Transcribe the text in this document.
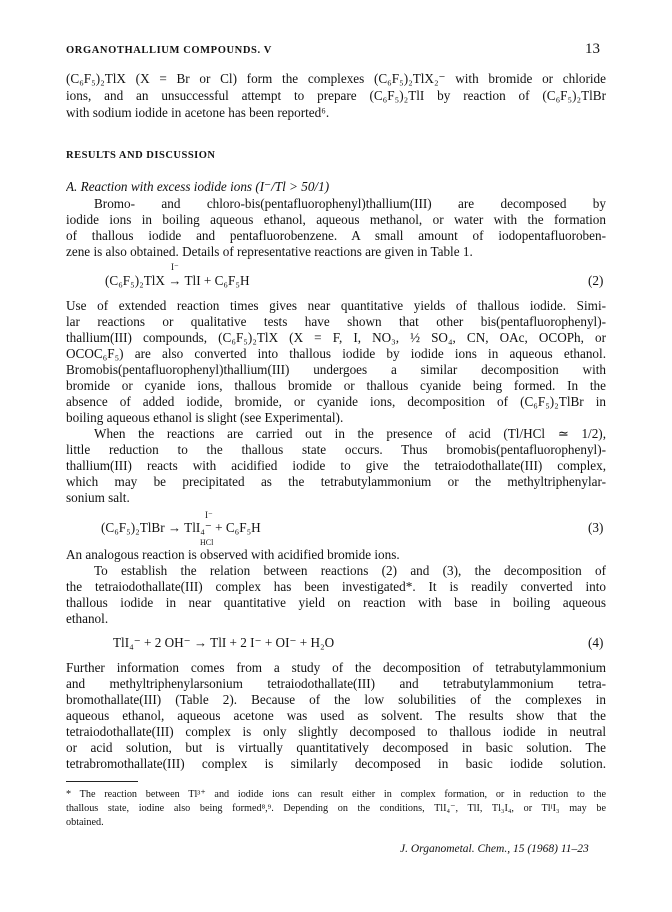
ORGANOTHALLIUM COMPOUNDS. V	13
(C₆F₅)₂TlX (X = Br or Cl) form the complexes (C₆F₅)₂TlX₂⁻ with bromide or chloride
ions, and an unsuccessful attempt to prepare (C₆F₅)₂TlI by reaction of (C₆F₅)₂TlBr
with sodium iodide in acetone has been reported⁶.
RESULTS AND DISCUSSION
A. Reaction with excess iodide ions (I⁻/Tl > 50/1)
Bromo- and chloro-bis(pentafluorophenyl)thallium(III) are decomposed by
iodide ions in boiling aqueous ethanol, aqueous methanol, or water with the formation
of thallous iodide and pentafluorobenzene. A small amount of iodopentafluoroben-
zene is also obtained. Details of representative reactions are given in Table 1.
I⁻
(C₆F₅)₂TlX → TlI + C₆F₅H	(2)
Use of extended reaction times gives near quantitative yields of thallous iodide. Simi-
lar reactions or qualitative tests have shown that other bis(pentafluorophenyl)-
thallium(III) compounds, (C₆F₅)₂TlX (X = F, I, NO₃, ½ SO₄, CN, OAc, OCOPh, or
OCOC₆F₅) are also converted into thallous iodide by iodide ions in aqueous ethanol.
Bromobis(pentafluorophenyl)thallium(III) undergoes a similar decomposition with
bromide or cyanide ions, thallous bromide or thallous cyanide being formed. In the
absence of added iodide, bromide, or cyanide ions, decomposition of (C₆F₅)₂TlBr in
boiling aqueous ethanol is slight (see Experimental).
When the reactions are carried out in the presence of acid (Tl/HCl ≃ 1/2),
little reduction to the thallous state occurs. Thus bromobis(pentafluorophenyl)-
thallium(III) reacts with acidified iodide to give the tetraiodothallate(III) complex,
which may be precipitated as the tetrabutylammonium or the methyltriphenylar-
sonium salt.
I⁻
(C₆F₅)₂TlBr → TlI₄⁻ + C₆F₅H
HCl
(3)
An analogous reaction is observed with acidified bromide ions.
To establish the relation between reactions (2) and (3), the decomposition of
the tetraiodothallate(III) complex has been investigated*. It is readily converted into
thallous iodide in near quantitative yield on reaction with base in boiling aqueous
ethanol.
TlI₄⁻ + 2 OH⁻ → TlI + 2 I⁻ + OI⁻ + H₂O	(4)
Further information comes from a study of the decomposition of tetrabutylammonium
and methyltriphenylarsonium tetraiodothallate(III) and tetrabutylammonium tetra-
bromothallate(III) (Table 2). Because of the low solubilities of the complexes in
aqueous ethanol, aqueous acetone was used as solvent. The results show that the
tetraiodothallate(III) complex is only slightly decomposed to thallous iodide in neutral
or acid solution, but is virtually quantitatively decomposed in basic solution. The
tetrabromothallate(III) complex is similarly decomposed in basic iodide solution.
* The reaction between Tl³⁺ and iodide ions can result either in complex formation, or in reduction to the
thallous state, iodine also being formed⁸,⁹. Depending on the conditions, TlI₄⁻, TlI, Tl₃I₄, or TlᴵI₃ may be
obtained.
J. Organometal. Chem., 15 (1968) 11–23
